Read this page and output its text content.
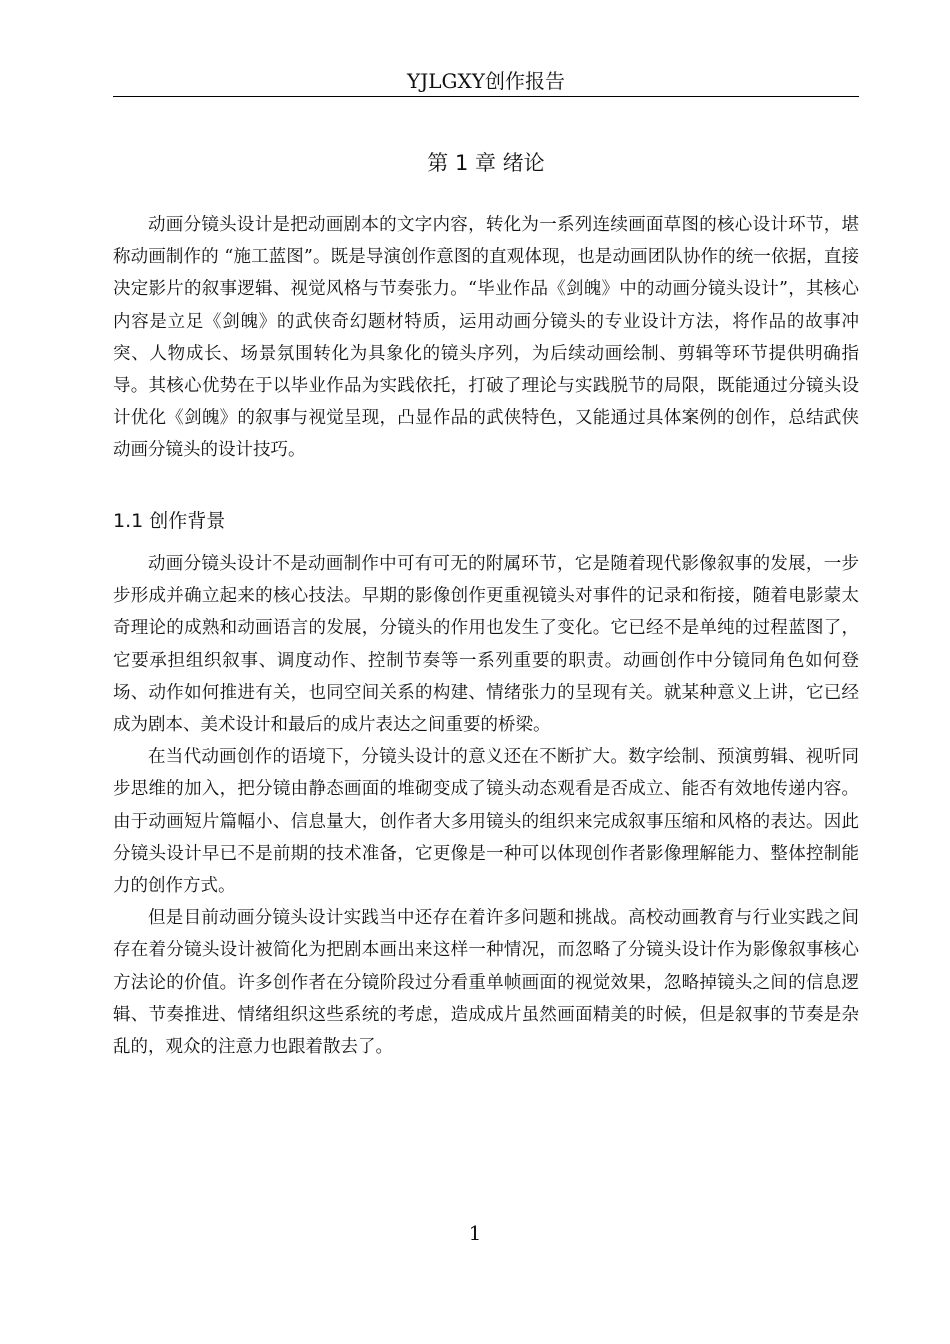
YJLGXY创作报告
第 1 章 绪论

动画分镜头设计是把动画剧本的文字内容，转化为一系列连续画面草图的核心设计环节，堪称动画制作的 “施工蓝图”。既是导演创作意图的直观体现，也是动画团队协作的统一依据，直接决定影片的叙事逻辑、视觉风格与节奏张力。“毕业作品《剑魄》中的动画分镜头设计”，其核心内容是立足《剑魄》的武侠奇幻题材特质，运用动画分镜头的专业设计方法，将作品的故事冲突、人物成长、场景氛围转化为具象化的镜头序列，为后续动画绘制、剪辑等环节提供明确指导。其核心优势在于以毕业作品为实践依托，打破了理论与实践脱节的局限，既能通过分镜头设计优化《剑魄》的叙事与视觉呈现，凸显作品的武侠特色，又能通过具体案例的创作，总结武侠动画分镜头的设计技巧。

1.1 创作背景

动画分镜头设计不是动画制作中可有可无的附属环节，它是随着现代影像叙事的发展，一步步形成并确立起来的核心技法。早期的影像创作更重视镜头对事件的记录和衔接，随着电影蒙太奇理论的成熟和动画语言的发展，分镜头的作用也发生了变化。它已经不是单纯的过程蓝图了，它要承担组织叙事、调度动作、控制节奏等一系列重要的职责。动画创作中分镜同角色如何登场、动作如何推进有关，也同空间关系的构建、情绪张力的呈现有关。就某种意义上讲，它已经成为剧本、美术设计和最后的成片表达之间重要的桥梁。

在当代动画创作的语境下，分镜头设计的意义还在不断扩大。数字绘制、预演剪辑、视听同步思维的加入，把分镜由静态画面的堆砌变成了镜头动态观看是否成立、能否有效地传递内容。由于动画短片篇幅小、信息量大，创作者大多用镜头的组织来完成叙事压缩和风格的表达。因此分镜头设计早已不是前期的技术准备，它更像是一种可以体现创作者影像理解能力、整体控制能力的创作方式。

但是目前动画分镜头设计实践当中还存在着许多问题和挑战。高校动画教育与行业实践之间存在着分镜头设计被简化为把剧本画出来这样一种情况，而忽略了分镜头设计作为影像叙事核心方法论的价值。许多创作者在分镜阶段过分看重单帧画面的视觉效果，忽略掉镜头之间的信息逻辑、节奏推进、情绪组织这些系统的考虑，造成成片虽然画面精美的时候，但是叙事的节奏是杂乱的，观众的注意力也跟着散去了。

1
